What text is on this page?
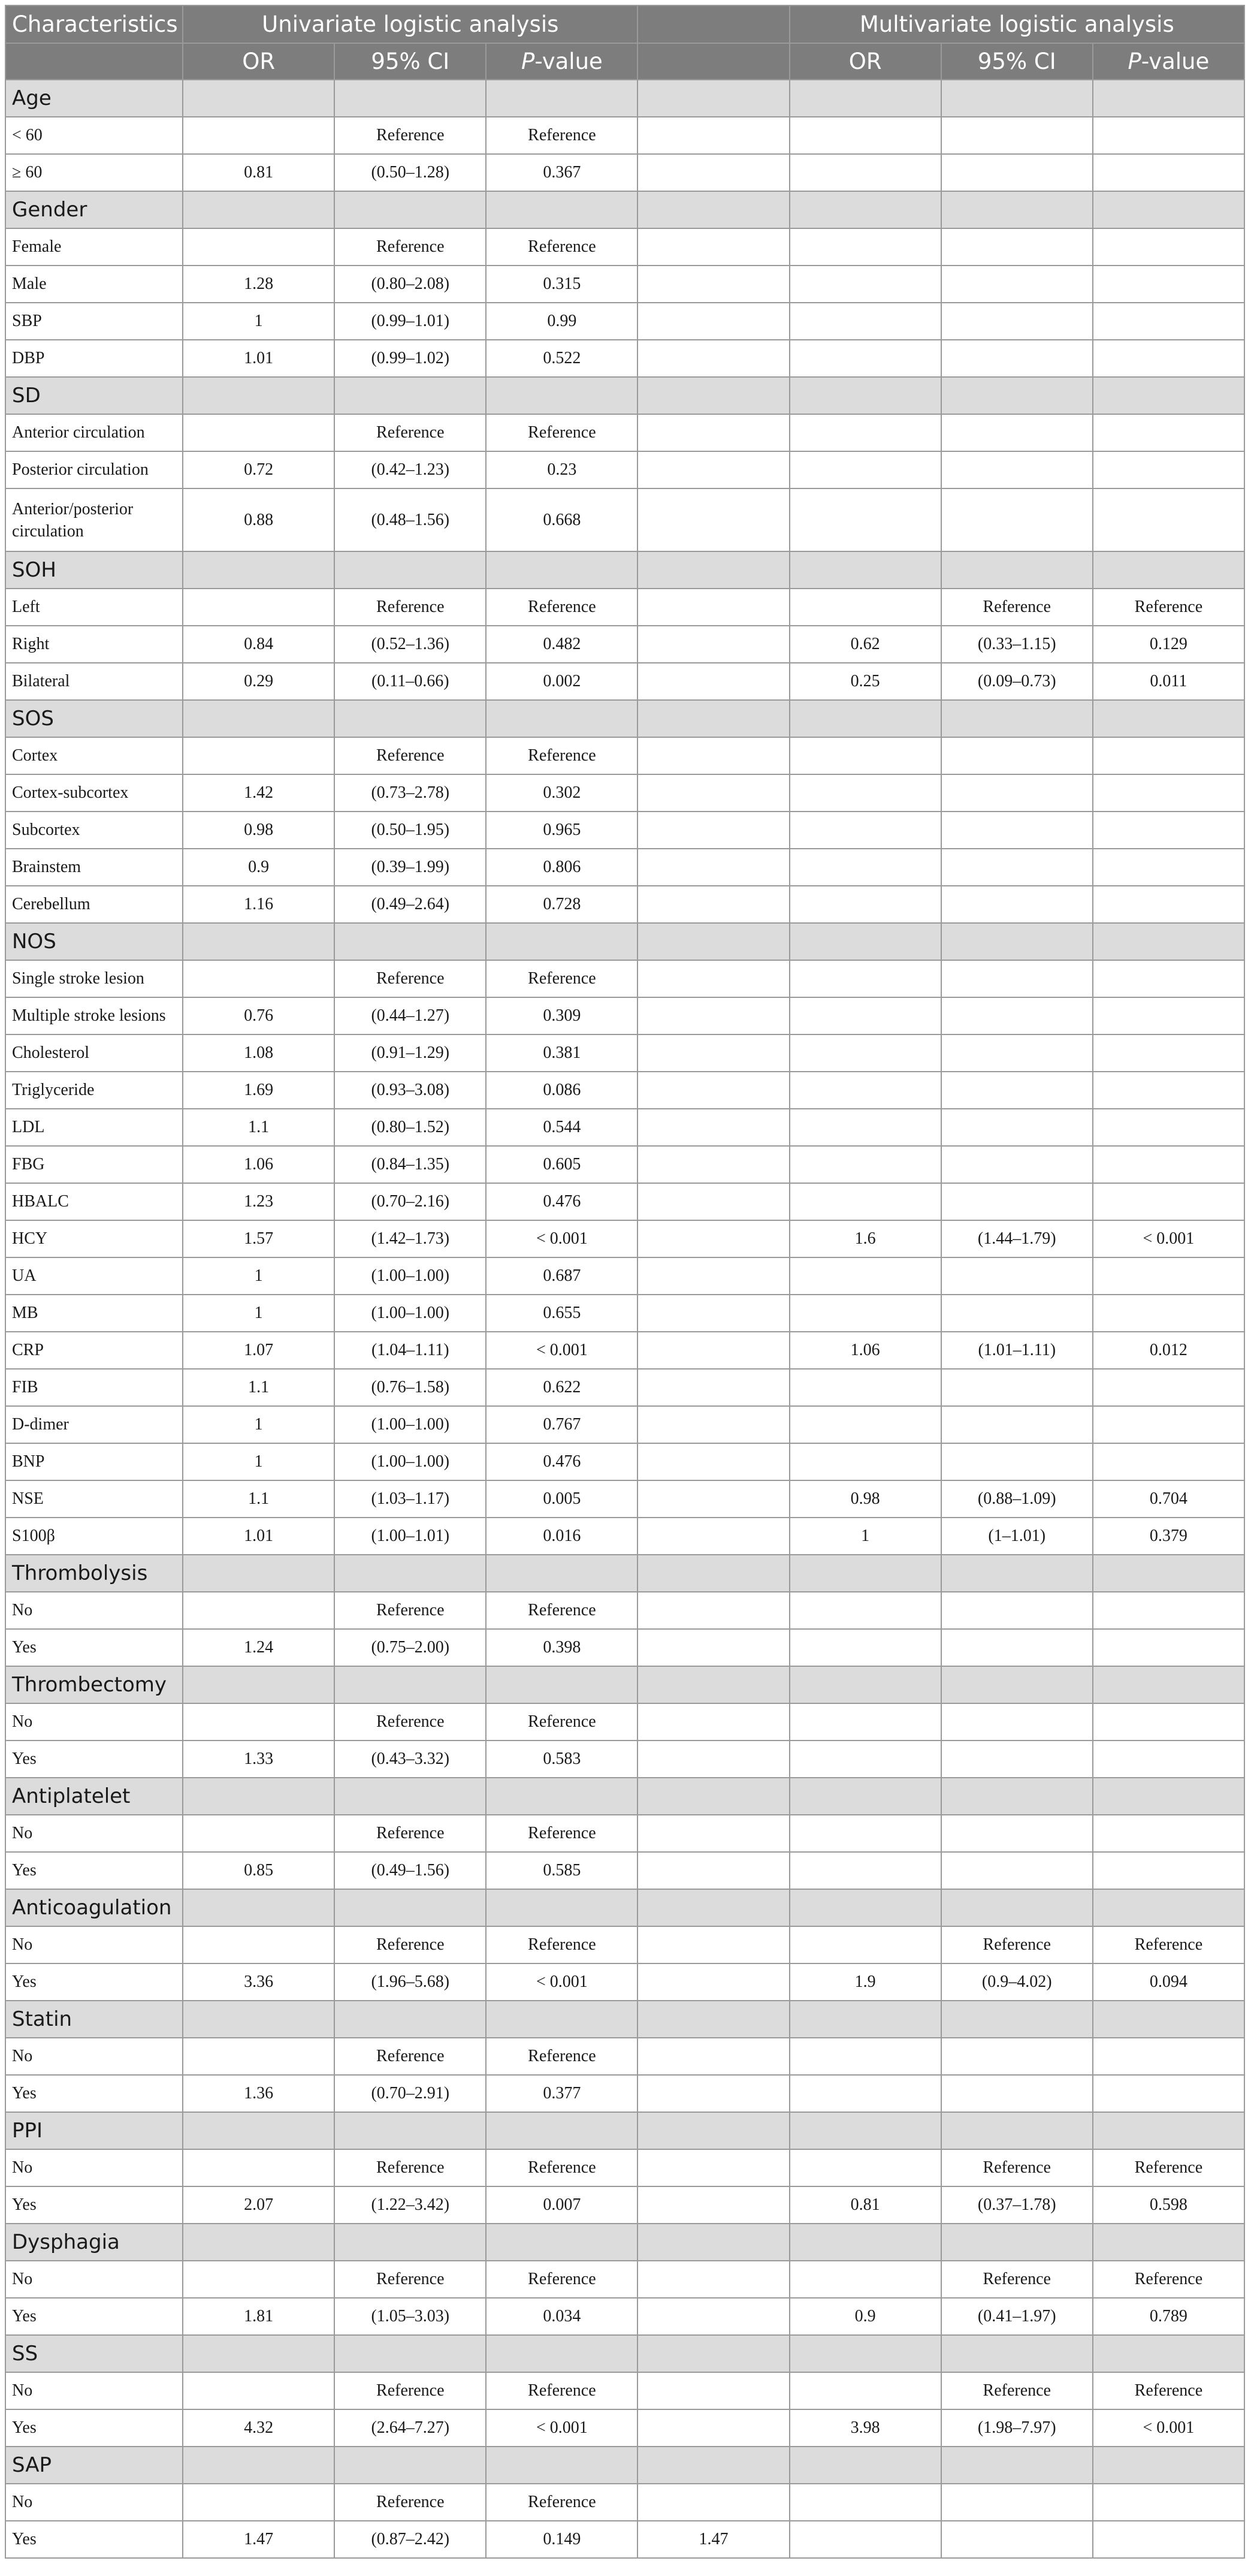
Characteristics	Univariate logistic analysis				Multivariate logistic analysis		
	OR	95% CI	P-value		OR	95% CI	P-value
Age							
< 60		Reference	Reference				
≥ 60	0.81	(0.50–1.28)	0.367				
Gender							
Female		Reference	Reference				
Male	1.28	(0.80–2.08)	0.315				
SBP	1	(0.99–1.01)	0.99				
DBP	1.01	(0.99–1.02)	0.522				
SD							
Anterior circulation		Reference	Reference				
Posterior circulation	0.72	(0.42–1.23)	0.23				
Anterior/posterior circulation	0.88	(0.48–1.56)	0.668				
SOH							
Left		Reference	Reference			Reference	Reference
Right	0.84	(0.52–1.36)	0.482		0.62	(0.33–1.15)	0.129
Bilateral	0.29	(0.11–0.66)	0.002		0.25	(0.09–0.73)	0.011
SOS							
Cortex		Reference	Reference				
Cortex-subcortex	1.42	(0.73–2.78)	0.302				
Subcortex	0.98	(0.50–1.95)	0.965				
Brainstem	0.9	(0.39–1.99)	0.806				
Cerebellum	1.16	(0.49–2.64)	0.728				
NOS							
Single stroke lesion		Reference	Reference				
Multiple stroke lesions	0.76	(0.44–1.27)	0.309				
Cholesterol	1.08	(0.91–1.29)	0.381				
Triglyceride	1.69	(0.93–3.08)	0.086				
LDL	1.1	(0.80–1.52)	0.544				
FBG	1.06	(0.84–1.35)	0.605				
HBALC	1.23	(0.70–2.16)	0.476				
HCY	1.57	(1.42–1.73)	< 0.001		1.6	(1.44–1.79)	< 0.001
UA	1	(1.00–1.00)	0.687				
MB	1	(1.00–1.00)	0.655				
CRP	1.07	(1.04–1.11)	< 0.001		1.06	(1.01–1.11)	0.012
FIB	1.1	(0.76–1.58)	0.622				
D-dimer	1	(1.00–1.00)	0.767				
BNP	1	(1.00–1.00)	0.476				
NSE	1.1	(1.03–1.17)	0.005		0.98	(0.88–1.09)	0.704
S100β	1.01	(1.00–1.01)	0.016		1	(1–1.01)	0.379
Thrombolysis							
No		Reference	Reference				
Yes	1.24	(0.75–2.00)	0.398				
Thrombectomy							
No		Reference	Reference				
Yes	1.33	(0.43–3.32)	0.583				
Antiplatelet							
No		Reference	Reference				
Yes	0.85	(0.49–1.56)	0.585				
Anticoagulation							
No		Reference	Reference			Reference	Reference
Yes	3.36	(1.96–5.68)	< 0.001		1.9	(0.9–4.02)	0.094
Statin							
No		Reference	Reference				
Yes	1.36	(0.70–2.91)	0.377				
PPI							
No		Reference	Reference			Reference	Reference
Yes	2.07	(1.22–3.42)	0.007		0.81	(0.37–1.78)	0.598
Dysphagia							
No		Reference	Reference			Reference	Reference
Yes	1.81	(1.05–3.03)	0.034		0.9	(0.41–1.97)	0.789
SS							
No		Reference	Reference			Reference	Reference
Yes	4.32	(2.64–7.27)	< 0.001		3.98	(1.98–7.97)	< 0.001
SAP							
No		Reference	Reference				
Yes	1.47	(0.87–2.42)	0.149	1.47			
